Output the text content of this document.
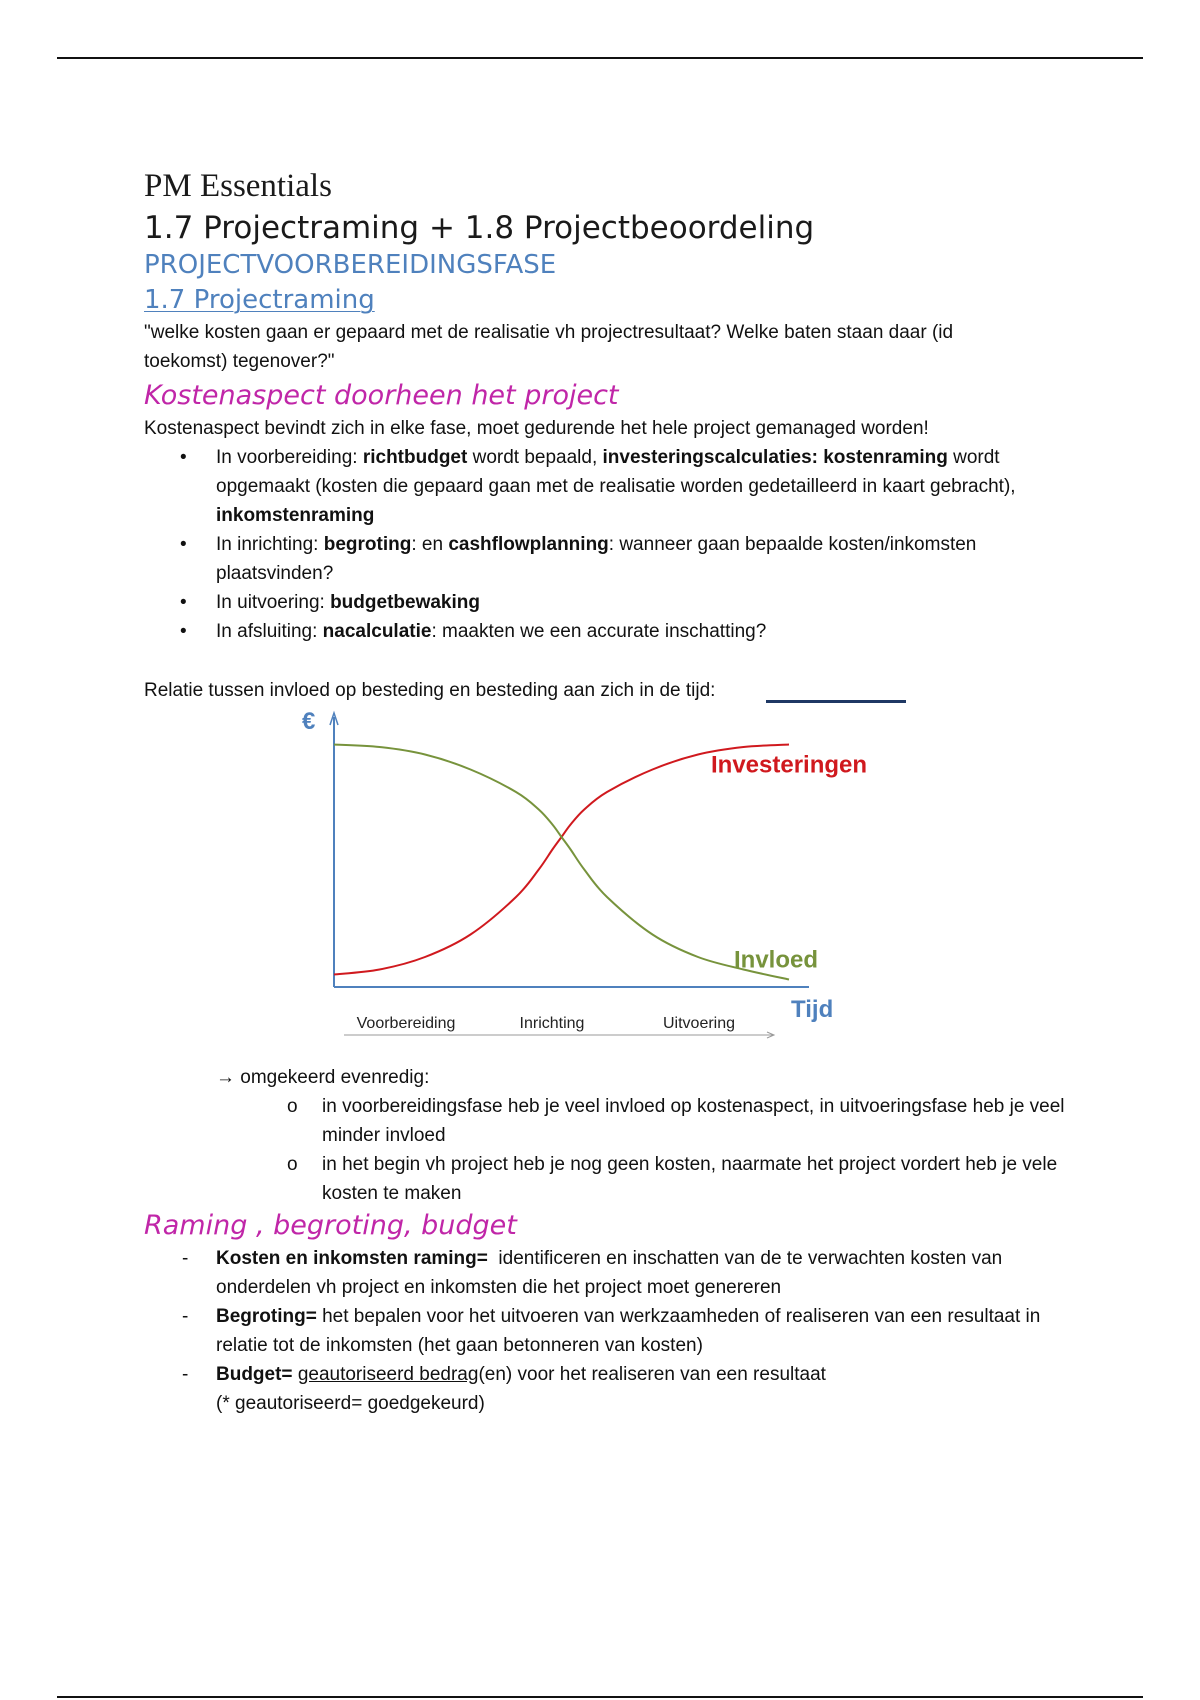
PM Essentials
1.7 Projectraming + 1.8 Projectbeoordeling
PROJECTVOORBEREIDINGSFASE
1.7 Projectraming

"welke kosten gaan er gepaard met de realisatie vh projectresultaat? Welke baten staan daar (id toekomst) tegenover?"

Kostenaspect doorheen het project

Kostenaspect bevindt zich in elke fase, moet gedurende het hele project gemanaged worden!

• In voorbereiding: richtbudget wordt bepaald, investeringscalculaties: kostenraming wordt opgemaakt (kosten die gepaard gaan met de realisatie worden gedetailleerd in kaart gebracht), inkomstenraming
• In inrichting: begroting: en cashflowplanning: wanneer gaan bepaalde kosten/inkomsten plaatsvinden?
• In uitvoering: budgetbewaking
• In afsluiting: nacalculatie: maakten we een accurate inschatting?

Relatie tussen invloed op besteding en besteding aan zich in de tijd:

€
Tijd
Voorbereiding	Inrichting	Uitvoering
Investeringen
Invloed
→ omgekeerd evenredig:
o in voorbereidingsfase heb je veel invloed op kostenaspect, in uitvoeringsfase heb je veel minder invloed
o in het begin vh project heb je nog geen kosten, naarmate het project vordert heb je vele kosten te maken
Raming , begroting, budget
- Kosten en inkomsten raming=  identificeren en inschatten van de te verwachten kosten van onderdelen vh project en inkomsten die het project moet genereren
- Begroting= het bepalen voor het uitvoeren van werkzaamheden of realiseren van een resultaat in relatie tot de inkomsten (het gaan betonneren van kosten)
- Budget= geautoriseerd bedrag(en) voor het realiseren van een resultaat
(* geautoriseerd= goedgekeurd)
